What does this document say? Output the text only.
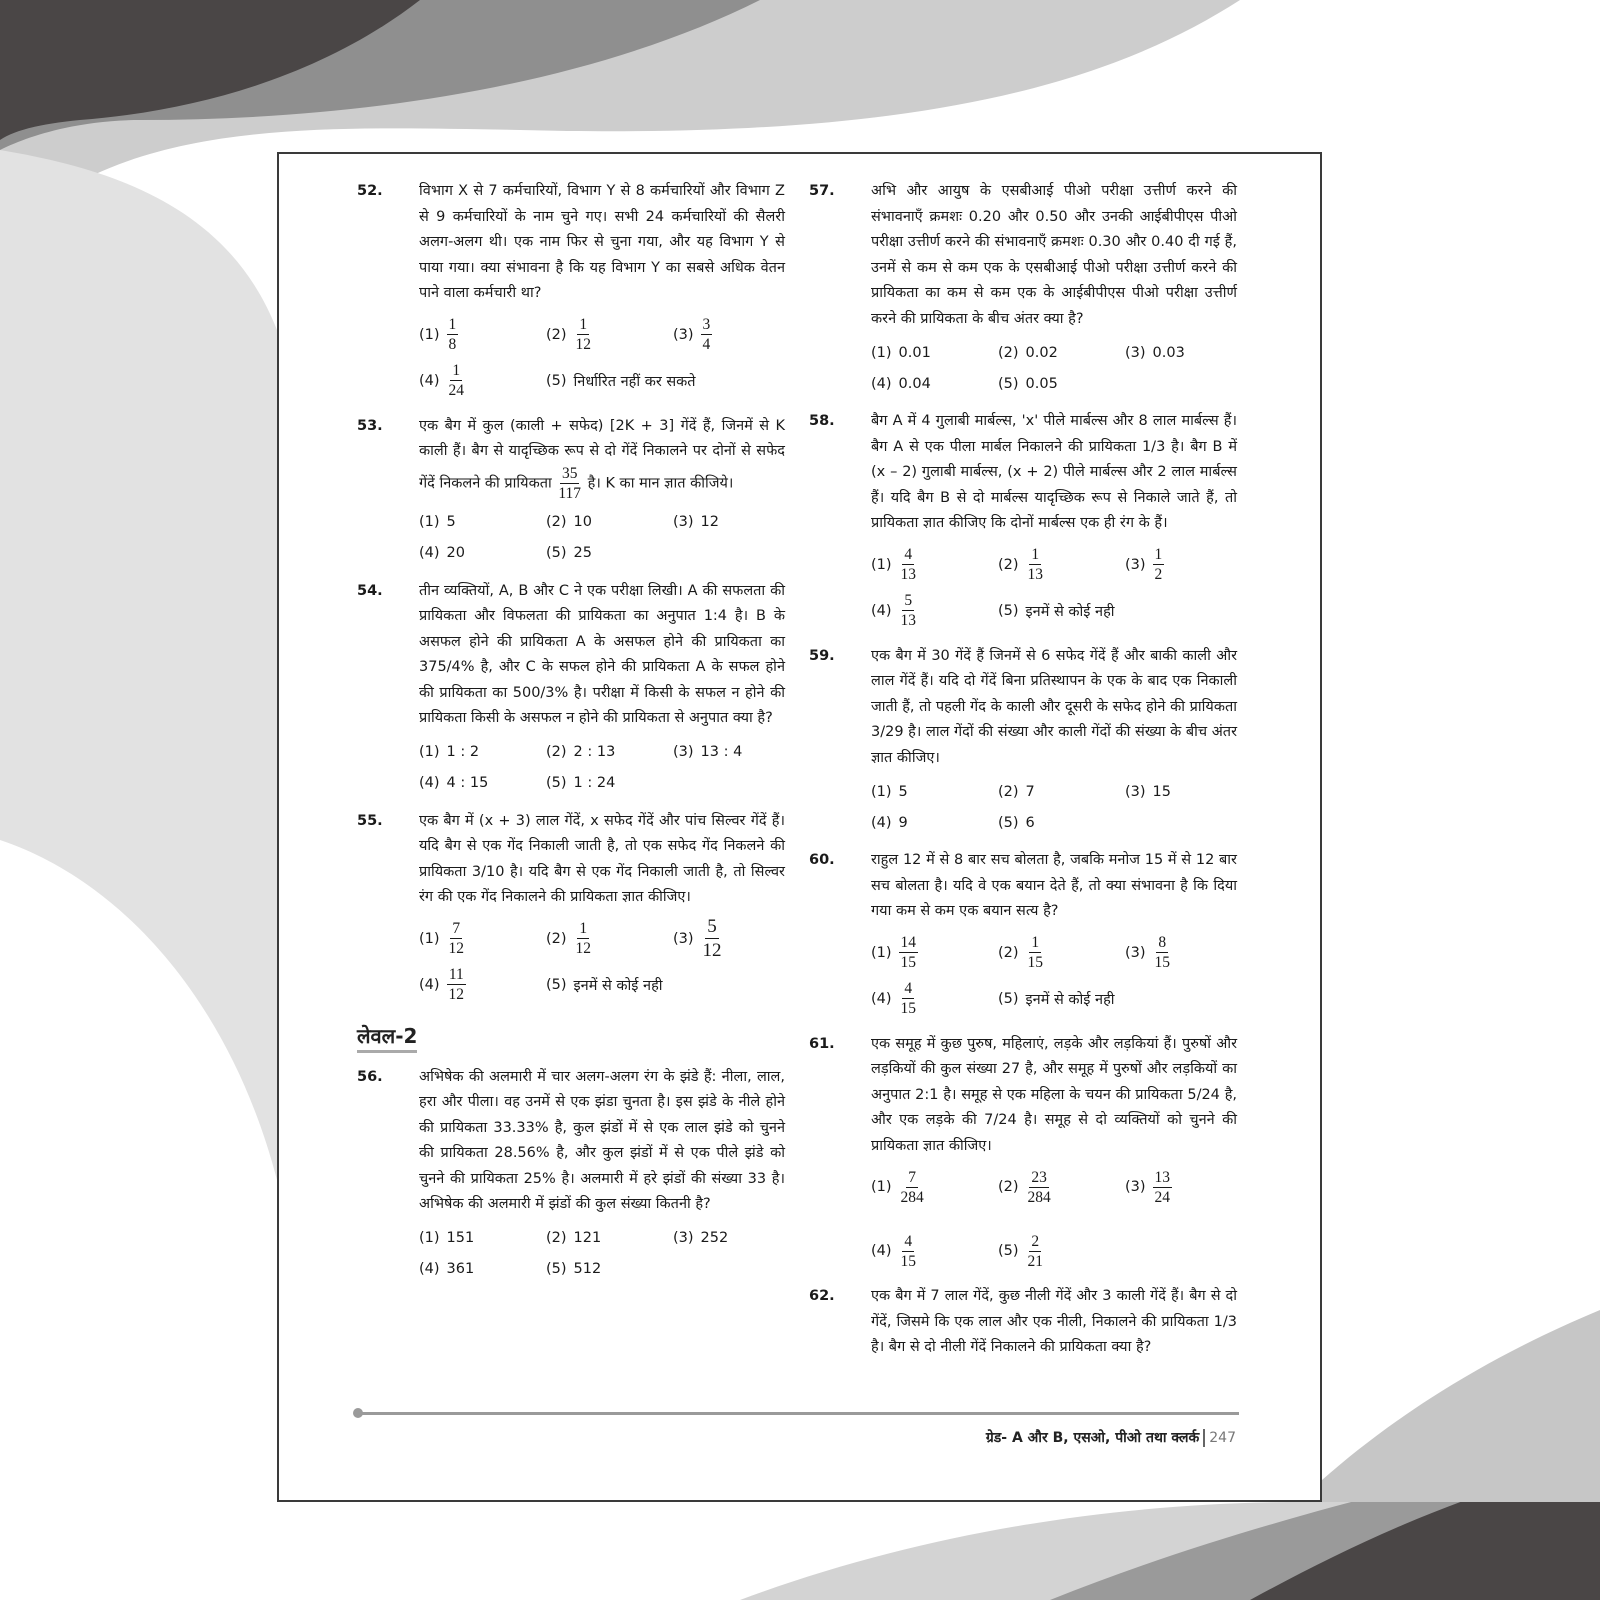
52.	विभाग X से 7 कर्मचारियों, विभाग Y से 8 कर्मचारियों और विभाग Z से 9 कर्मचारियों के नाम चुने गए। सभी 24 कर्मचारियों की सैलरी अलग-अलग थी। एक नाम फिर से चुना गया, और यह विभाग Y से पाया गया। क्या संभावना है कि यह विभाग Y का सबसे अधिक वेतन पाने वाला कर्मचारी था?

$(1) \frac{1}{8}$	$(2) \frac{1}{12}$	$(3) \frac{3}{4}$
$(4) \frac{1}{24}$	(5) निर्धारित नहीं कर सकते
53.	एक बैग में कुल (काली + सफेद) [2K + 3] गेंदें हैं, जिनमें से K काली हैं। बैग से यादृच्छिक रूप से दो गेंदें निकालने पर दोनों से सफेद गेंदें निकलने की प्रायिकता $\frac{35}{117}$ है। K का मान ज्ञात कीजिये।

(1) 5	(2) 10	(3) 12
(4) 20	(5) 25
54.	तीन व्यक्तियों, A, B और C ने एक परीक्षा लिखी। A की सफलता की प्रायिकता और विफलता की प्रायिकता का अनुपात 1:4 है। B के असफल होने की प्रायिकता A के असफल होने की प्रायिकता का 375/4% है, और C के सफल होने की प्रायिकता A के सफल होने की प्रायिकता का 500/3% है। परीक्षा में किसी के सफल न होने की प्रायिकता किसी के असफल न होने की प्रायिकता से अनुपात क्या है?

(1) 1 : 2	(2) 2 : 13	(3) 13 : 4
(4) 4 : 15	(5) 1 : 24
55.	एक बैग में (x + 3) लाल गेंदें, x सफेद गेंदें और पांच सिल्वर गेंदें हैं। यदि बैग से एक गेंद निकाली जाती है, तो एक सफेद गेंद निकलने की प्रायिकता 3/10 है। यदि बैग से एक गेंद निकाली जाती है, तो सिल्वर रंग की एक गेंद निकालने की प्रायिकता ज्ञात कीजिए।

$(1) \frac{7}{12}$	$(2) \frac{1}{12}$	$(3) \frac{5}{12}$
$(4) \frac{11}{12}$	(5) इनमें से कोई नही
लेवल-2
56.	अभिषेक की अलमारी में चार अलग-अलग रंग के झंडे हैं: नीला, लाल, हरा और पीला। वह उनमें से एक झंडा चुनता है। इस झंडे के नीले होने की प्रायिकता 33.33% है, कुल झंडों में से एक लाल झंडे को चुनने की प्रायिकता 28.56% है, और कुल झंडों में से एक पीले झंडे को चुनने की प्रायिकता 25% है। अलमारी में हरे झंडों की संख्या 33 है। अभिषेक की अलमारी में झंडों की कुल संख्या कितनी है?

(1) 151	(2) 121	(3) 252
(4) 361	(5) 512
57.	अभि और आयुष के एसबीआई पीओ परीक्षा उत्तीर्ण करने की संभावनाएँ क्रमशः 0.20 और 0.50 और उनकी आईबीपीएस पीओ परीक्षा उत्तीर्ण करने की संभावनाएँ क्रमशः 0.30 और 0.40 दी गई हैं, उनमें से कम से कम एक के एसबीआई पीओ परीक्षा उत्तीर्ण करने की प्रायिकता का कम से कम एक के आईबीपीएस पीओ परीक्षा उत्तीर्ण करने की प्रायिकता के बीच अंतर क्या है?

(1) 0.01	(2) 0.02	(3) 0.03
(4) 0.04	(5) 0.05
58.	बैग A में 4 गुलाबी मार्बल्स, 'x' पीले मार्बल्स और 8 लाल मार्बल्स हैं। बैग A से एक पीला मार्बल निकालने की प्रायिकता 1/3 है। बैग B में (x – 2) गुलाबी मार्बल्स, (x + 2) पीले मार्बल्स और 2 लाल मार्बल्स हैं। यदि बैग B से दो मार्बल्स यादृच्छिक रूप से निकाले जाते हैं, तो प्रायिकता ज्ञात कीजिए कि दोनों मार्बल्स एक ही रंग के हैं।

$(1) \frac{4}{13}$	$(2) \frac{1}{13}$	$(3) \frac{1}{2}$
$(4) \frac{5}{13}$	(5) इनमें से कोई नही
59.	एक बैग में 30 गेंदें हैं जिनमें से 6 सफेद गेंदें हैं और बाकी काली और लाल गेंदें हैं। यदि दो गेंदें बिना प्रतिस्थापन के एक के बाद एक निकाली जाती हैं, तो पहली गेंद के काली और दूसरी के सफेद होने की प्रायिकता 3/29 है। लाल गेंदों की संख्या और काली गेंदों की संख्या के बीच अंतर ज्ञात कीजिए।

(1) 5	(2) 7	(3) 15
(4) 9	(5) 6
60.	राहुल 12 में से 8 बार सच बोलता है, जबकि मनोज 15 में से 12 बार सच बोलता है। यदि वे एक बयान देते हैं, तो क्या संभावना है कि दिया गया कम से कम एक बयान सत्य है?

$(1) \frac{14}{15}$	$(2) \frac{1}{15}$	$(3) \frac{8}{15}$
$(4) \frac{4}{15}$	(5) इनमें से कोई नही
61.	एक समूह में कुछ पुरुष, महिलाएं, लड़के और लड़कियां हैं। पुरुषों और लड़कियों की कुल संख्या 27 है, और समूह में पुरुषों और लड़कियों का अनुपात 2:1 है। समूह से एक महिला के चयन की प्रायिकता 5/24 है, और एक लड़के की 7/24 है। समूह से दो व्यक्तियों को चुनने की प्रायिकता ज्ञात कीजिए।

$(1) \frac{7}{284}$	$(2) \frac{23}{284}$	$(3) \frac{13}{24}$
$(4) \frac{4}{15}$	$(5) \frac{2}{21}$
62.	एक बैग में 7 लाल गेंदें, कुछ नीली गेंदें और 3 काली गेंदें हैं। बैग से दो गेंदें, जिसमे कि एक लाल और एक नीली, निकालने की प्रायिकता 1/3 है। बैग से दो नीली गेंदें निकालने की प्रायिकता क्या है?

ग्रेड- A और B, एसओ, पीओ तथा क्लर्क 247
